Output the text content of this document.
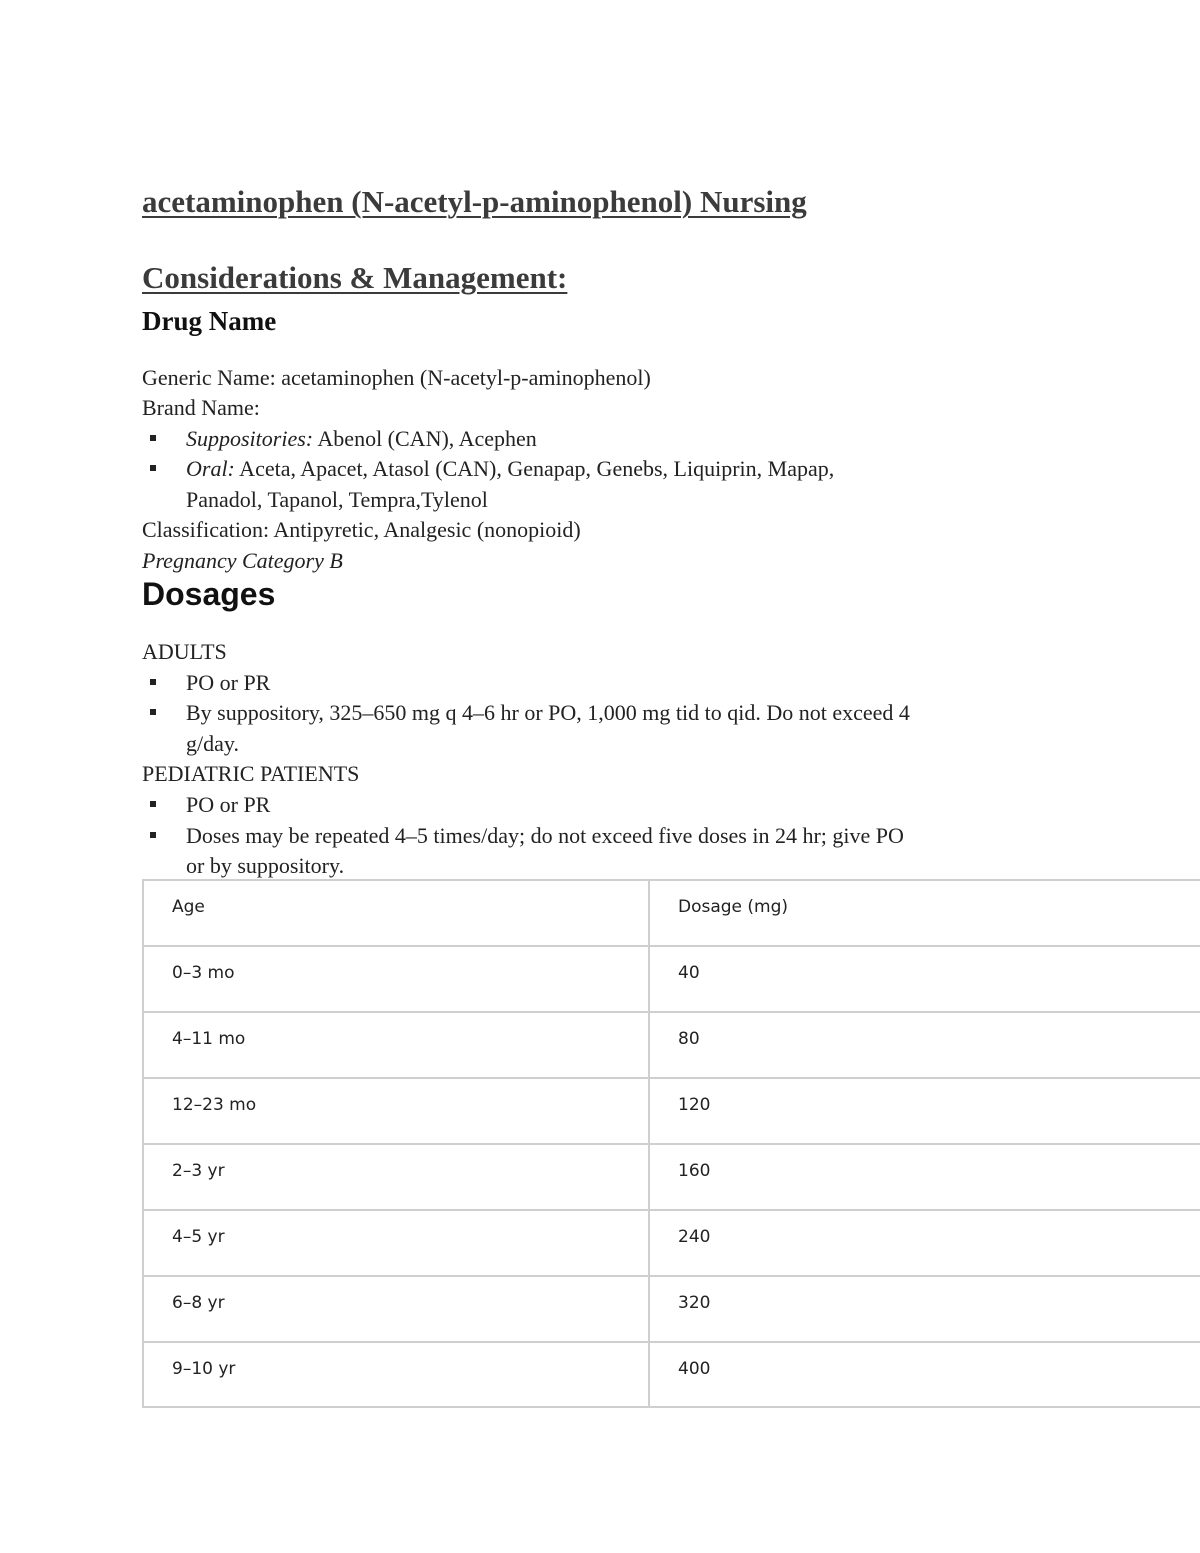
acetaminophen (N-acetyl-p-aminophenol) Nursing
Considerations & Management:
Drug Name
Generic Name: acetaminophen (N-acetyl-p-aminophenol)
Brand Name:
Suppositories: Abenol (CAN), Acephen
Oral: Aceta, Apacet, Atasol (CAN), Genapap, Genebs, Liquiprin, Mapap,
Panadol, Tapanol, Tempra,Tylenol
Classification: Antipyretic, Analgesic (nonopioid)
Pregnancy Category B
Dosages
ADULTS
PO or PR
By suppository, 325–650 mg q 4–6 hr or PO, 1,000 mg tid to qid. Do not exceed 4
g/day.
PEDIATRIC PATIENTS
PO or PR
Doses may be repeated 4–5 times/day; do not exceed five doses in 24 hr; give PO
or by suppository.
Age	Dosage (mg)
0–3 mo	40
4–11 mo	80
12–23 mo	120
2–3 yr	160
4–5 yr	240
6–8 yr	320
9–10 yr	400
